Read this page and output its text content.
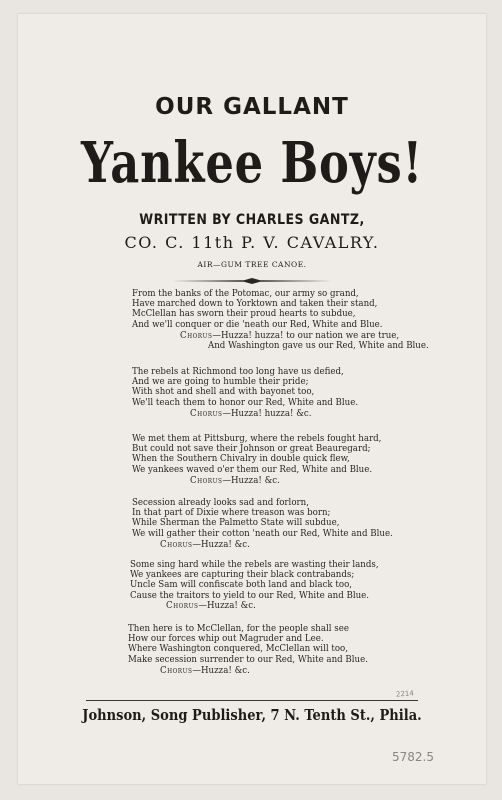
OUR GALLANT
Yankee Boys!
WRITTEN BY CHARLES GANTZ,
CO. C. 11th P. V. CAVALRY.
AIR—GUM TREE CANOE.
From the banks of the Potomac, our army so grand,
Have marched down to Yorktown and taken their stand,
McClellan has sworn their proud hearts to subdue,
And we'll conquer or die 'neath our Red, White and Blue.
Chorus—Huzza! huzza! to our nation we are true,
And Washington gave us our Red, White and Blue.
The rebels at Richmond too long have us defied,
And we are going to humble their pride;
With shot and shell and with bayonet too,
We'll teach them to honor our Red, White and Blue.
Chorus—Huzza! huzza! &c.
We met them at Pittsburg, where the rebels fought hard,
But could not save their Johnson or great Beauregard;
When the Southern Chivalry in double quick flew,
We yankees waved o'er them our Red, White and Blue.
Chorus—Huzza! &c.
Secession already looks sad and forlorn,
In that part of Dixie where treason was born;
While Sherman the Palmetto State will subdue,
We will gather their cotton 'neath our Red, White and Blue.
Chorus—Huzza! &c.
Some sing hard while the rebels are wasting their lands,
We yankees are capturing their black contrabands;
Uncle Sam will confiscate both land and black too,
Cause the traitors to yield to our Red, White and Blue.
Chorus—Huzza! &c.
Then here is to McClellan, for the people shall see
How our forces whip out Magruder and Lee.
Where Washington conquered, McClellan will too,
Make secession surrender to our Red, White and Blue.
Chorus—Huzza! &c.
2214
Johnson, Song Publisher, 7 N. Tenth St., Phila.
5782.5
